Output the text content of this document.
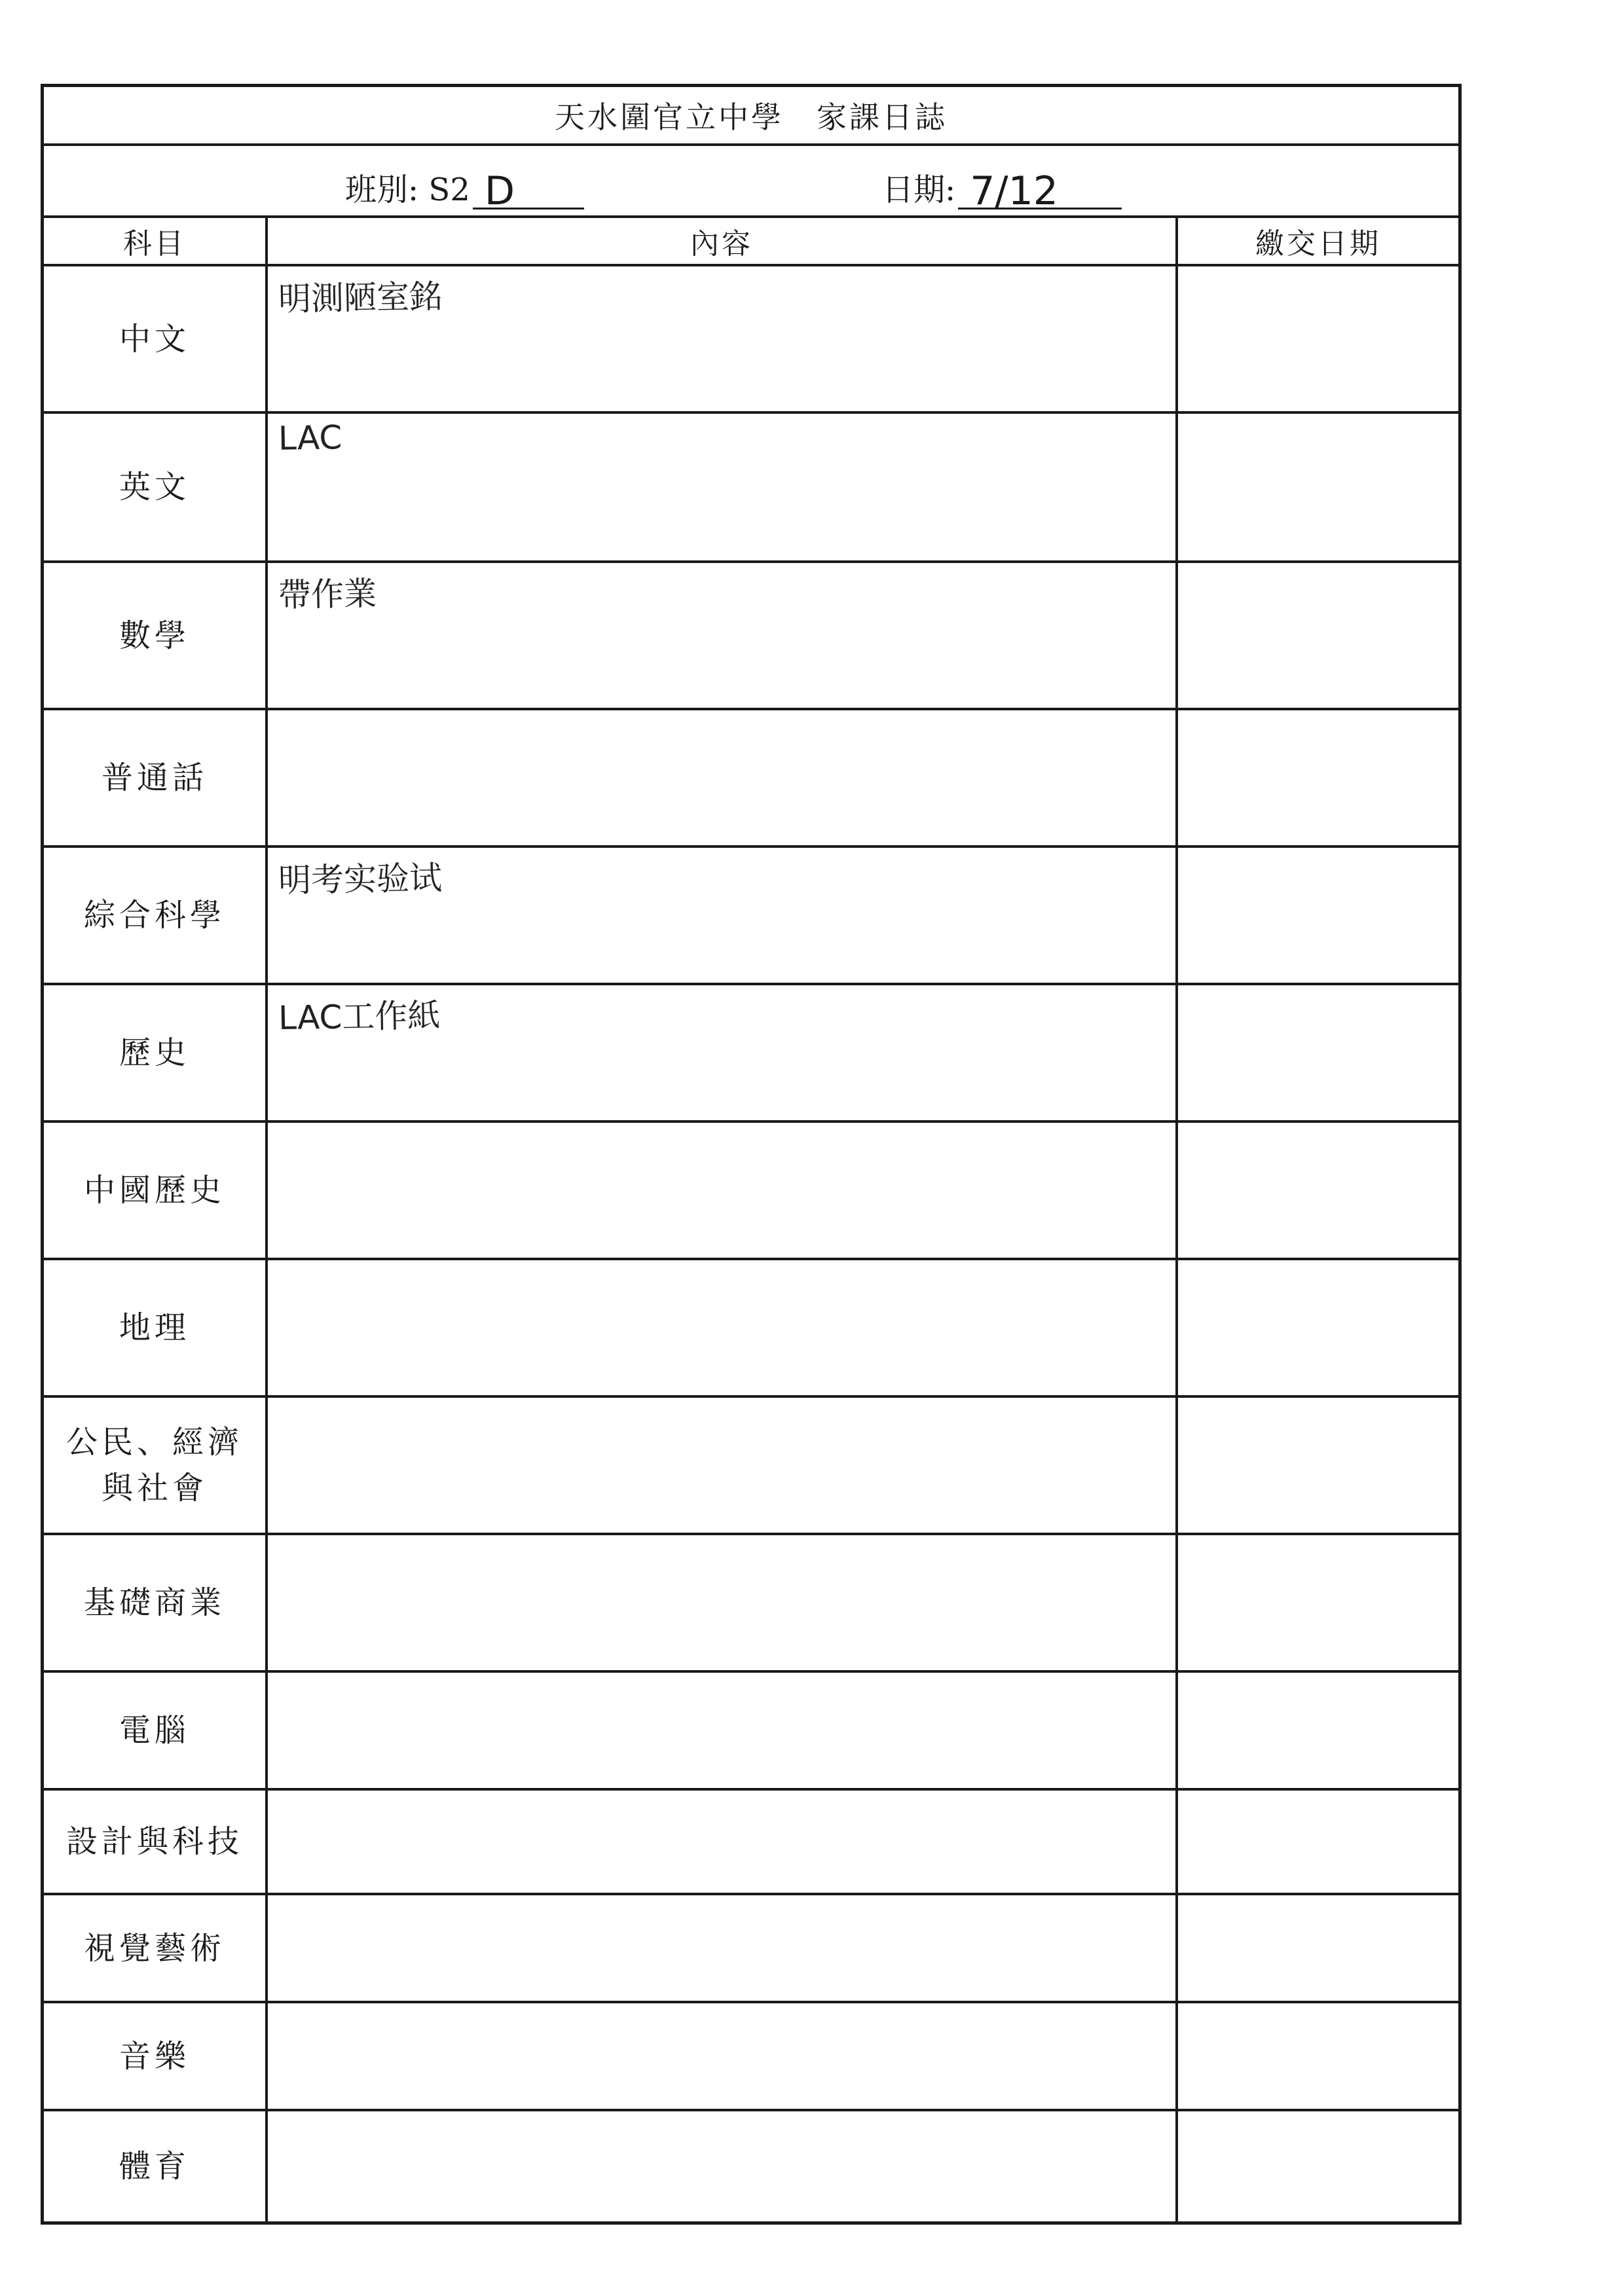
天水圍官立中學　家課日誌
班別: S2 D	日期: 7/12
科目	內容	繳交日期
中文	明測陋室銘	
英文	LAC	
數學	帶作業	
普通話		
綜合科學	明考实验试	
歷史	LAC工作紙	
中國歷史		
地理		
公民、經濟
與社會		
基礎商業		
電腦		
設計與科技		
視覺藝術		
音樂		
體育		
